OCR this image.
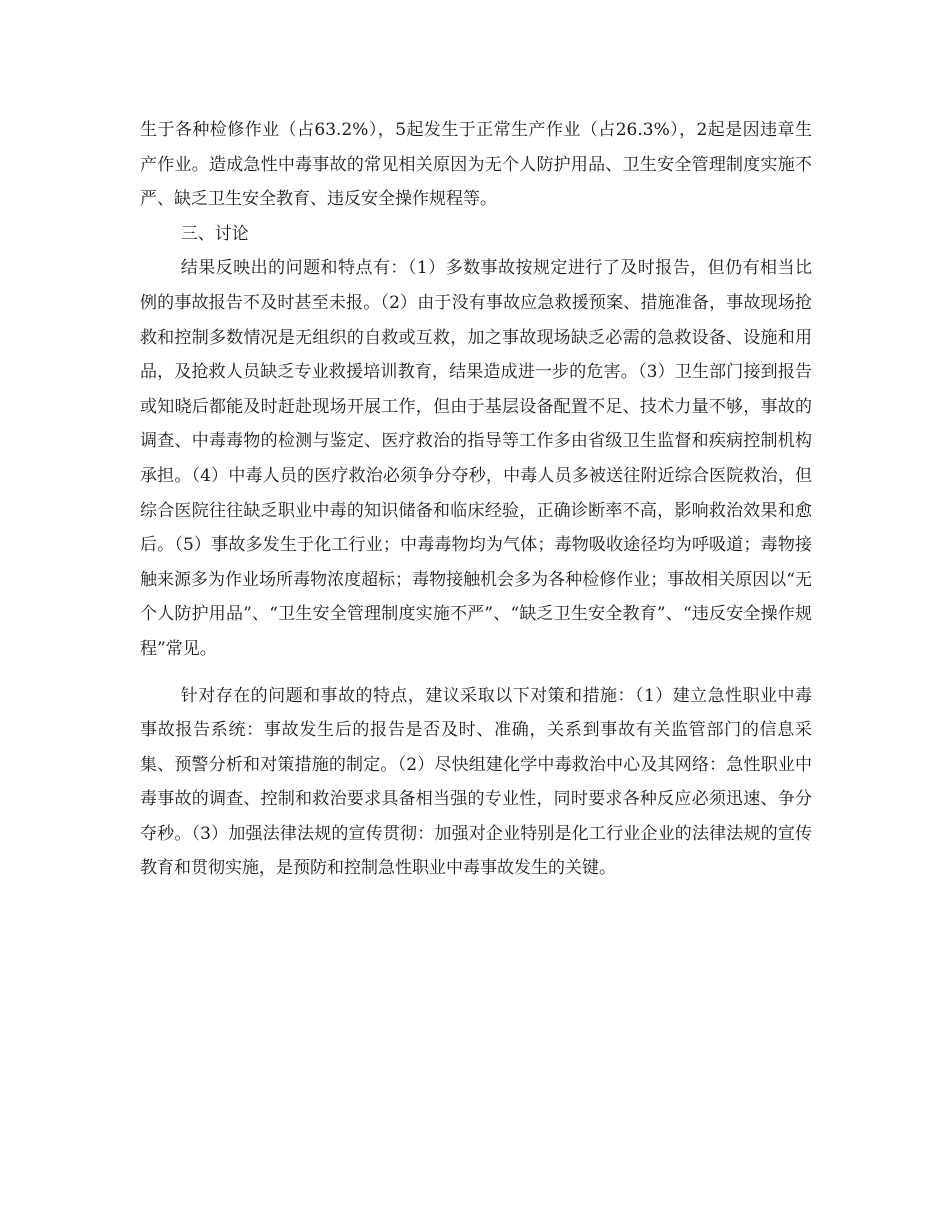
生于各种检修作业（占63.2%），5起发生于正常生产作业（占26.3%），2起是因违章生产作业。造成急性中毒事故的常见相关原因为无个人防护用品、卫生安全管理制度实施不严、缺乏卫生安全教育、违反安全操作规程等。

三、讨论

结果反映出的问题和特点有：（1）多数事故按规定进行了及时报告，但仍有相当比例的事故报告不及时甚至未报。（2）由于没有事故应急救援预案、措施准备，事故现场抢救和控制多数情况是无组织的自救或互救，加之事故现场缺乏必需的急救设备、设施和用品，及抢救人员缺乏专业救援培训教育，结果造成进一步的危害。（3）卫生部门接到报告或知晓后都能及时赶赴现场开展工作，但由于基层设备配置不足、技术力量不够，事故的调查、中毒毒物的检测与鉴定、医疗救治的指导等工作多由省级卫生监督和疾病控制机构承担。（4）中毒人员的医疗救治必须争分夺秒，中毒人员多被送往附近综合医院救治，但综合医院往往缺乏职业中毒的知识储备和临床经验，正确诊断率不高，影响救治效果和愈后。（5）事故多发生于化工行业；中毒毒物均为气体；毒物吸收途径均为呼吸道；毒物接触来源多为作业场所毒物浓度超标；毒物接触机会多为各种检修作业；事故相关原因以“无个人防护用品”、“卫生安全管理制度实施不严”、“缺乏卫生安全教育”、“违反安全操作规程”常见。

针对存在的问题和事故的特点，建议采取以下对策和措施：（1）建立急性职业中毒事故报告系统：事故发生后的报告是否及时、准确，关系到事故有关监管部门的信息采集、预警分析和对策措施的制定。（2）尽快组建化学中毒救治中心及其网络：急性职业中毒事故的调查、控制和救治要求具备相当强的专业性，同时要求各种反应必须迅速、争分夺秒。（3）加强法律法规的宣传贯彻：加强对企业特别是化工行业企业的法律法规的宣传教育和贯彻实施，是预防和控制急性职业中毒事故发生的关键。
